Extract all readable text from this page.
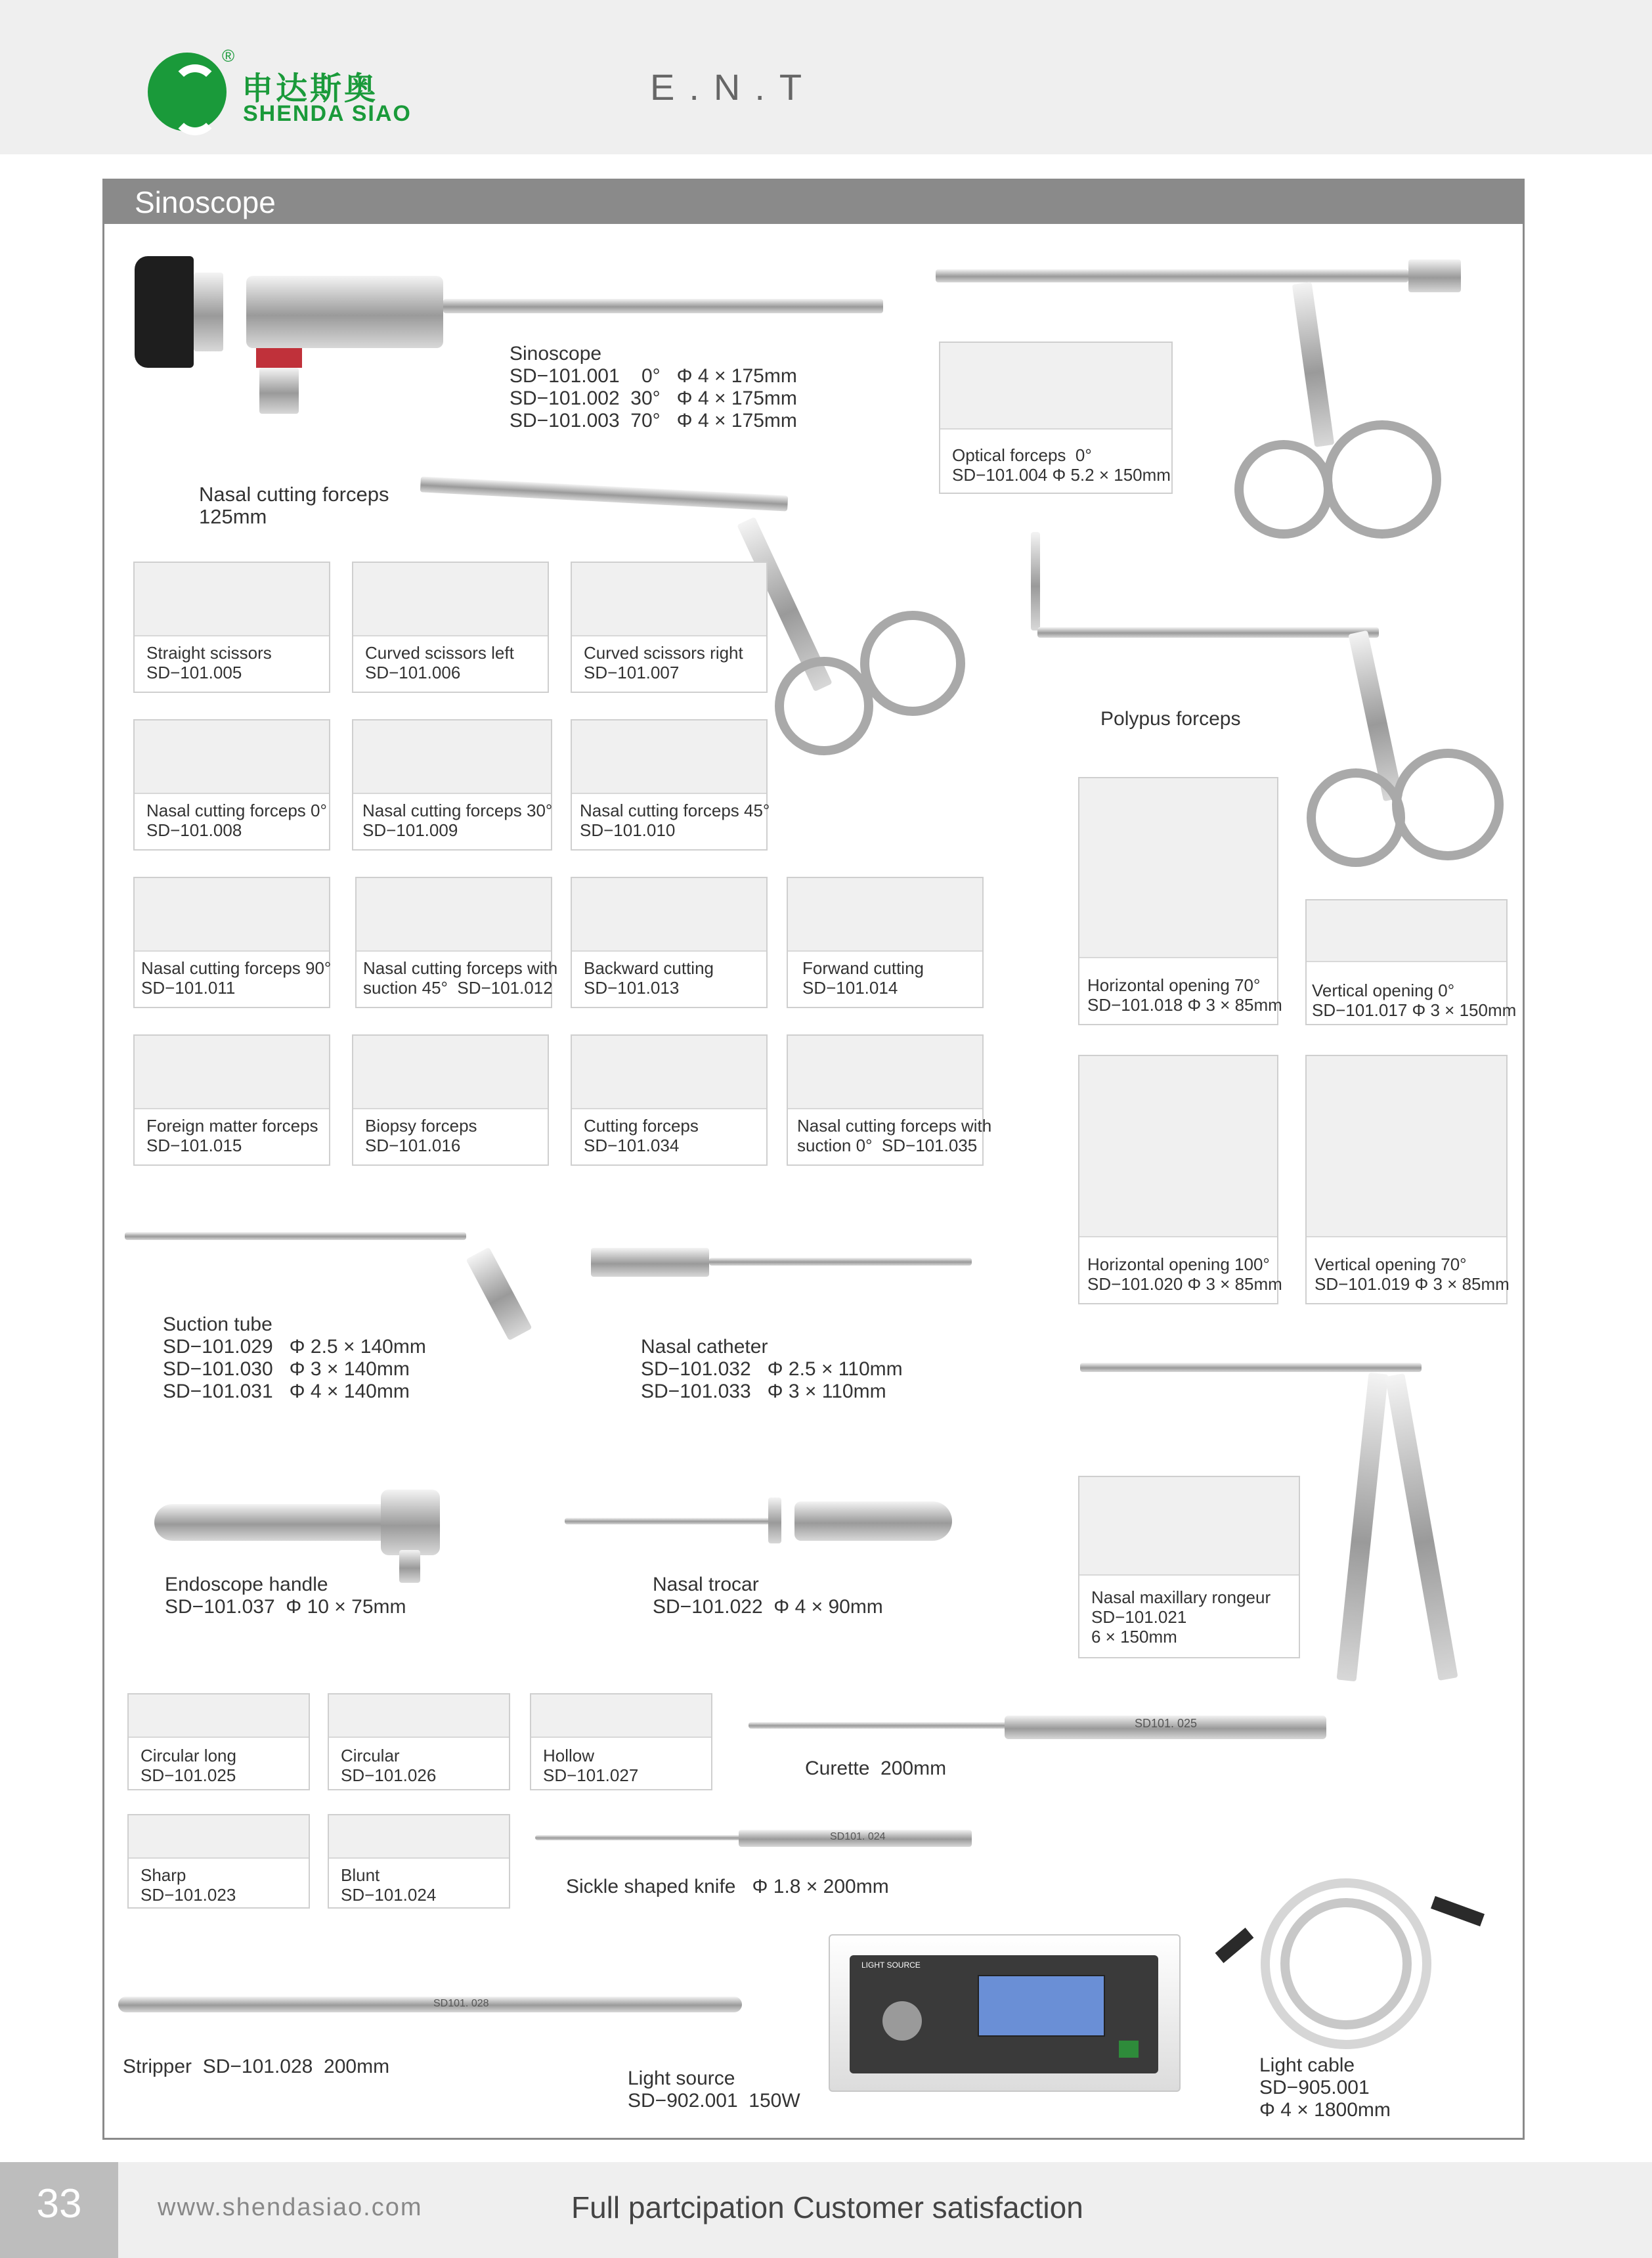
®
申达斯奥
SHENDA SIAO
E.N.T
Sinoscope
Sinoscope
SD−101.001    0°   Φ 4 × 175mm
SD−101.002  30°   Φ 4 × 175mm
SD−101.003  70°   Φ 4 × 175mm
Optical forceps  0°
SD−101.004 Φ 5.2 × 150mm
Nasal cutting forceps
125mm
Polypus forceps
Straight scissors
SD−101.005
Curved scissors left
SD−101.006
Curved scissors right
SD−101.007
Nasal cutting forceps 0°
SD−101.008
Nasal cutting forceps 30°
SD−101.009
Nasal cutting forceps 45°
SD−101.010
Nasal cutting forceps 90°
SD−101.011
Nasal cutting forceps with
suction 45°  SD−101.012
Backward cutting
SD−101.013
Forwand cutting
SD−101.014
Foreign matter forceps
SD−101.015
Biopsy forceps
SD−101.016
Cutting forceps
SD−101.034
Nasal cutting forceps with
suction 0°  SD−101.035
Horizontal opening 70°
SD−101.018 Φ 3 × 85mm
Vertical opening 0°
SD−101.017 Φ 3 × 150mm
Horizontal opening 100°
SD−101.020 Φ 3 × 85mm
Vertical opening 70°
SD−101.019 Φ 3 × 85mm
Suction tube
SD−101.029   Φ 2.5 × 140mm
SD−101.030   Φ 3 × 140mm
SD−101.031   Φ 4 × 140mm
Nasal catheter
SD−101.032   Φ 2.5 × 110mm
SD−101.033   Φ 3 × 110mm
Nasal maxillary rongeur
SD−101.021
6 × 150mm
Endoscope handle
SD−101.037  Φ 10 × 75mm
Nasal trocar
SD−101.022  Φ 4 × 90mm
Circular long
SD−101.025
Circular
SD−101.026
Hollow
SD−101.027
SD101. 025
Curette  200mm
Sharp
SD−101.023
Blunt
SD−101.024
SD101. 024
Sickle shaped knife   Φ 1.8 × 200mm
SD101. 028
Stripper  SD−101.028  200mm
LIGHT SOURCE
Light source
SD−902.001  150W
Light cable
SD−905.001
Φ 4 × 1800mm
33	www.shendasiao.com	Full partcipation Customer satisfaction
